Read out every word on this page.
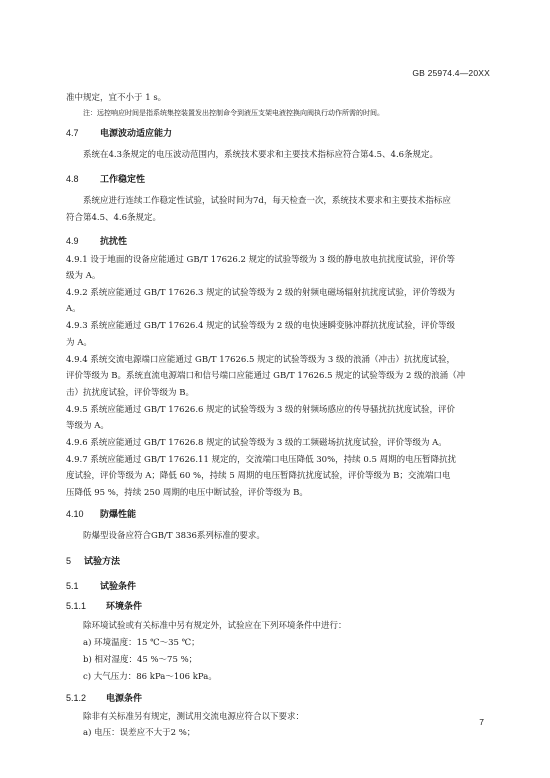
GB 25974.4—20XX
准中规定，宜不小于 1 s。
注：远控响应时间是指系统集控装置发出控制命令到液压支架电液控换向阀执行动作所需的时间。
4.7 电源波动适应能力
系统在4.3条规定的电压波动范围内，系统技术要求和主要技术指标应符合第4.5、4.6条规定。
4.8 工作稳定性
系统应进行连续工作稳定性试验，试验时间为7d，每天检查一次，系统技术要求和主要技术指标应
符合第4.5、4.6条规定。
4.9 抗扰性
4.9.1 设于地面的设备应能通过 GB/T 17626.2 规定的试验等级为 3 级的静电放电抗扰度试验，评价等
级为 A。
4.9.2 系统应能通过 GB/T 17626.3 规定的试验等级为 2 级的射频电磁场辐射抗扰度试验，评价等级为
A。
4.9.3 系统应能通过 GB/T 17626.4 规定的试验等级为 2 级的电快速瞬变脉冲群抗扰度试验，评价等级
为 A。
4.9.4 系统交流电源端口应能通过 GB/T 17626.5 规定的试验等级为 3 级的浪涌（冲击）抗扰度试验，
评价等级为 B。系统直流电源端口和信号端口应能通过 GB/T 17626.5 规定的试验等级为 2 级的浪涌（冲
击）抗扰度试验，评价等级为 B。
4.9.5 系统应能通过 GB/T 17626.6 规定的试验等级为 3 级的射频场感应的传导骚扰抗扰度试验，评价
等级为 A。
4.9.6 系统应能通过 GB/T 17626.8 规定的试验等级为 3 级的工频磁场抗扰度试验，评价等级为 A。
4.9.7 系统应能通过 GB/T 17626.11 规定的，交流端口电压降低 30%，持续 0.5 周期的电压暂降抗扰
度试验，评价等级为 A；降低 60 %，持续 5 周期的电压暂降抗扰度试验，评价等级为 B；交流端口电
压降低 95 %，持续 250 周期的电压中断试验，评价等级为 B。
4.10 防爆性能
防爆型设备应符合GB/T 3836系列标准的要求。
5 试验方法
5.1 试验条件
5.1.1 环境条件
除环境试验或有关标准中另有规定外，试验应在下列环境条件中进行：
a) 环境温度：15 ℃～35 ℃；
b) 相对湿度：45 %～75 %；
c) 大气压力：86 kPa～106 kPa。
5.1.2 电源条件
除非有关标准另有规定，测试用交流电源应符合以下要求：
a) 电压：误差应不大于2 %；
7
